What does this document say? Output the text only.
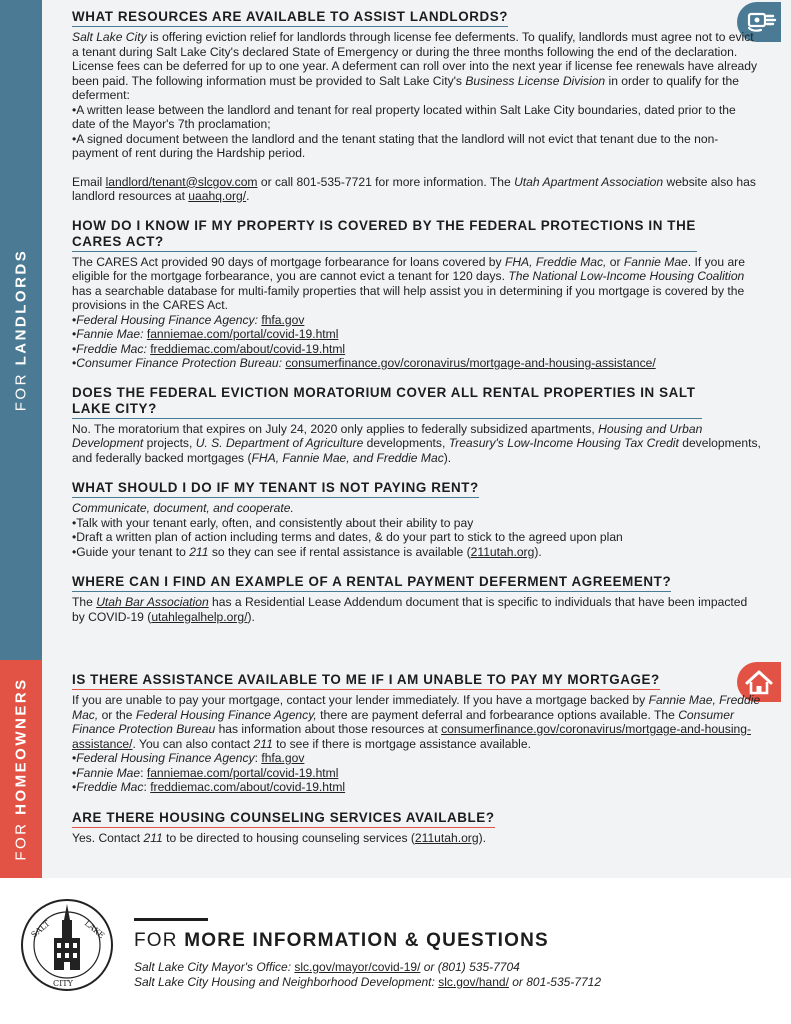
FOR LANDLORDS
FOR HOMEOWNERS
WHAT RESOURCES ARE AVAILABLE TO ASSIST LANDLORDS?

Salt Lake City is offering eviction relief for landlords through license fee deferments. To qualify, landlords must agree not to evict a tenant during Salt Lake City's declared State of Emergency or during the three months following the end of the declaration. License fees can be deferred for up to one year. A deferment can roll over into the next year if license fee renewals have already been paid. The following information must be provided to Salt Lake City's Business License Division in order to qualify for the deferment:

• A written lease between the landlord and tenant for real property located within Salt Lake City boundaries, dated prior to the date of the Mayor's 7th proclamation;
• A signed document between the landlord and the tenant stating that the landlord will not evict that tenant due to the non-payment of rent during the Hardship period.

Email landlord/tenant@slcgov.com or call 801-535-7721 for more information. The Utah Apartment Association website also has landlord resources at uaahq.org/.

HOW DO I KNOW IF MY PROPERTY IS COVERED BY THE FEDERAL PROTECTIONS IN THE CARES ACT?

The CARES Act provided 90 days of mortgage forbearance for loans covered by FHA, Freddie Mac, or Fannie Mae. If you are eligible for the mortgage forbearance, you are cannot evict a tenant for 120 days. The National Low-Income Housing Coalition has a searchable database for multi-family properties that will help assist you in determining if you mortgage is covered by the provisions in the CARES Act.

• Federal Housing Finance Agency: fhfa.gov
• Fannie Mae: fanniemae.com/portal/covid-19.html
• Freddie Mac: freddiemac.com/about/covid-19.html
• Consumer Finance Protection Bureau: consumerfinance.gov/coronavirus/mortgage-and-housing-assistance/
DOES THE FEDERAL EVICTION MORATORIUM COVER ALL RENTAL PROPERTIES IN SALT LAKE CITY?

No. The moratorium that expires on July 24, 2020 only applies to federally subsidized apartments, Housing and Urban Development projects, U. S. Department of Agriculture developments, Treasury's Low-Income Housing Tax Credit developments, and federally backed mortgages (FHA, Fannie Mae, and Freddie Mac).

WHAT SHOULD I DO IF MY TENANT IS NOT PAYING RENT?

Communicate, document, and cooperate.

• Talk with your tenant early, often, and consistently about their ability to pay
• Draft a written plan of action including terms and dates, & do your part to stick to the agreed upon plan
• Guide your tenant to 211 so they can see if rental assistance is available (211utah.org).
WHERE CAN I FIND AN EXAMPLE OF A RENTAL PAYMENT DEFERMENT AGREEMENT?

The Utah Bar Association has a Residential Lease Addendum document that is specific to individuals that have been impacted by COVID-19 (utahlegalhelp.org/).

IS THERE ASSISTANCE AVAILABLE TO ME IF I AM UNABLE TO PAY MY MORTGAGE?

If you are unable to pay your mortgage, contact your lender immediately. If you have a mortgage backed by Fannie Mae, Freddie Mac, or the Federal Housing Finance Agency, there are payment deferral and forbearance options available. The Consumer Finance Protection Bureau has information about those resources at consumerfinance.gov/coronavirus/mortgage-and-housing-assistance/. You can also contact 211 to see if there is mortgage assistance available.

• Federal Housing Finance Agency: fhfa.gov
• Fannie Mae: fanniemae.com/portal/covid-19.html
• Freddie Mac: freddiemac.com/about/covid-19.html
ARE THERE HOUSING COUNSELING SERVICES AVAILABLE?

Yes. Contact 211 to be directed to housing counseling services (211utah.org).

SALT	LAKE
CITY
FOR MORE INFORMATION & QUESTIONS
Salt Lake City Mayor's Office: slc.gov/mayor/covid-19/ or (801) 535-7704
Salt Lake City Housing and Neighborhood Development: slc.gov/hand/ or 801-535-7712
